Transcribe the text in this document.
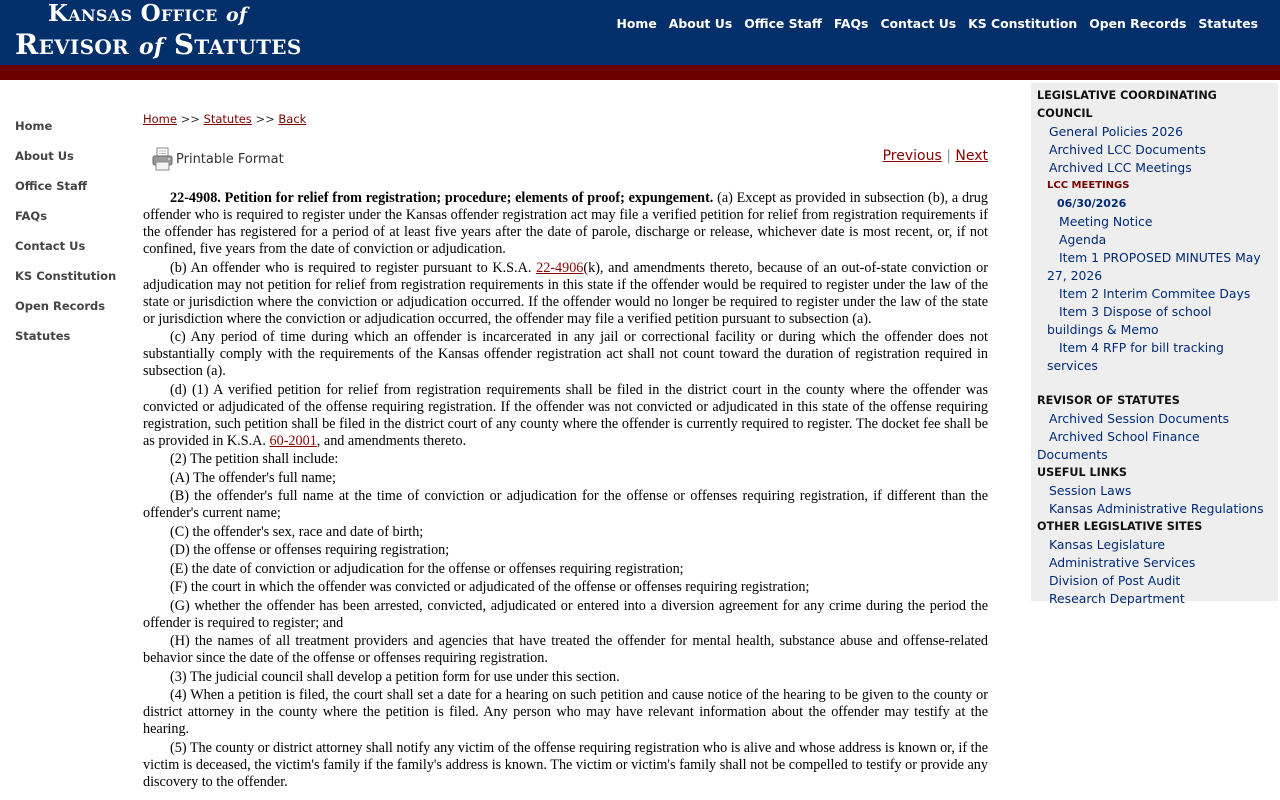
Kansas Office of
Revisor of Statutes
Home About Us Office Staff FAQs Contact Us KS Constitution Open Records Statutes
Home
About Us
Office Staff
FAQs
Contact Us
KS Constitution
Open Records
Statutes
Home >> Statutes >> Back
Printable Format	Previous | Next

22-4908. Petition for relief from registration; procedure; elements of proof; expungement. (a) Except as provided in subsection (b), a drug offender who is required to register under the Kansas offender registration act may file a verified petition for relief from registration requirements if the offender has registered for a period of at least five years after the date of parole, discharge or release, whichever date is most recent, or, if not confined, five years from the date of conviction or adjudication.

(b) An offender who is required to register pursuant to K.S.A. 22-4906(k), and amendments thereto, because of an out-of-state conviction or adjudication may not petition for relief from registration requirements in this state if the offender would be required to register under the law of the state or jurisdiction where the conviction or adjudication occurred. If the offender would no longer be required to register under the law of the state or jurisdiction where the conviction or adjudication occurred, the offender may file a verified petition pursuant to subsection (a).

(c) Any period of time during which an offender is incarcerated in any jail or correctional facility or during which the offender does not substantially comply with the requirements of the Kansas offender registration act shall not count toward the duration of registration required in subsection (a).

(d) (1) A verified petition for relief from registration requirements shall be filed in the district court in the county where the offender was convicted or adjudicated of the offense requiring registration. If the offender was not convicted or adjudicated in this state of the offense requiring registration, such petition shall be filed in the district court of any county where the offender is currently required to register. The docket fee shall be as provided in K.S.A. 60-2001, and amendments thereto.

(2) The petition shall include:

(A) The offender's full name;

(B) the offender's full name at the time of conviction or adjudication for the offense or offenses requiring registration, if different than the offender's current name;

(C) the offender's sex, race and date of birth;

(D) the offense or offenses requiring registration;

(E) the date of conviction or adjudication for the offense or offenses requiring registration;

(F) the court in which the offender was convicted or adjudicated of the offense or offenses requiring registration;

(G) whether the offender has been arrested, convicted, adjudicated or entered into a diversion agreement for any crime during the period the offender is required to register; and

(H) the names of all treatment providers and agencies that have treated the offender for mental health, substance abuse and offense-related behavior since the date of the offense or offenses requiring registration.

(3) The judicial council shall develop a petition form for use under this section.

(4) When a petition is filed, the court shall set a date for a hearing on such petition and cause notice of the hearing to be given to the county or district attorney in the county where the petition is filed. Any person who may have relevant information about the offender may testify at the hearing.

(5) The county or district attorney shall notify any victim of the offense requiring registration who is alive and whose address is known or, if the victim is deceased, the victim's family if the family's address is known. The victim or victim's family shall not be compelled to testify or provide any discovery to the offender.

LEGISLATIVE COORDINATING COUNCIL
General Policies 2026
Archived LCC Documents
Archived LCC Meetings
LCC MEETINGS
06/30/2026
Meeting Notice
Agenda
Item 1 PROPOSED MINUTES May 27, 2026
Item 2 Interim Commitee Days
Item 3 Dispose of school buildings & Memo
Item 4 RFP for bill tracking services
REVISOR OF STATUTES
Archived Session Documents
Archived School Finance Documents
USEFUL LINKS
Session Laws
Kansas Administrative Regulations
OTHER LEGISLATIVE SITES
Kansas Legislature
Administrative Services
Division of Post Audit
Research Department
